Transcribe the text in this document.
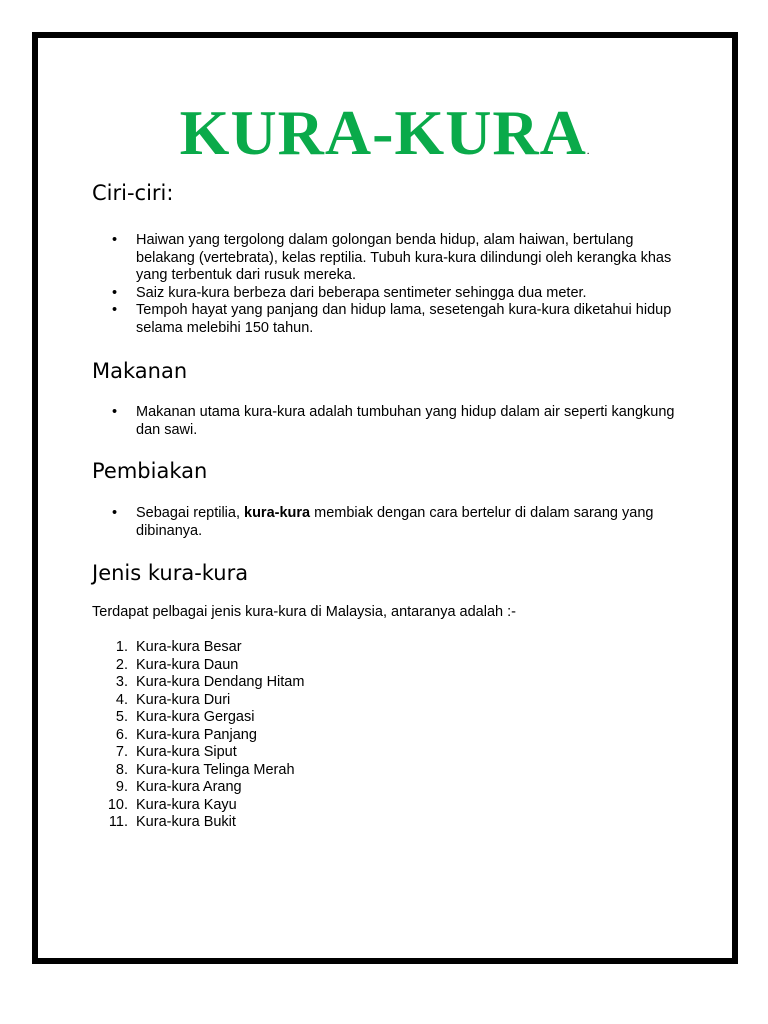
KURA-KURA.
Ciri-ciri:
• Haiwan yang tergolong dalam golongan benda hidup, alam haiwan, bertulang belakang (vertebrata), kelas reptilia. Tubuh kura-kura dilindungi oleh kerangka khas yang terbentuk dari rusuk mereka.
• Saiz kura-kura berbeza dari beberapa sentimeter sehingga dua meter.
• Tempoh hayat yang panjang dan hidup lama, sesetengah kura-kura diketahui hidup selama melebihi 150 tahun.
Makanan
• Makanan utama kura-kura adalah tumbuhan yang hidup dalam air seperti kangkung dan sawi.
Pembiakan
• Sebagai reptilia, kura-kura membiak dengan cara bertelur di dalam sarang yang dibinanya.
Jenis kura-kura

Terdapat pelbagai jenis kura-kura di Malaysia, antaranya adalah :-

1. Kura-kura Besar
2. Kura-kura Daun
3. Kura-kura Dendang Hitam
4. Kura-kura Duri
5. Kura-kura Gergasi
6. Kura-kura Panjang
7. Kura-kura Siput
8. Kura-kura Telinga Merah
9. Kura-kura Arang
10. Kura-kura Kayu
11. Kura-kura Bukit
